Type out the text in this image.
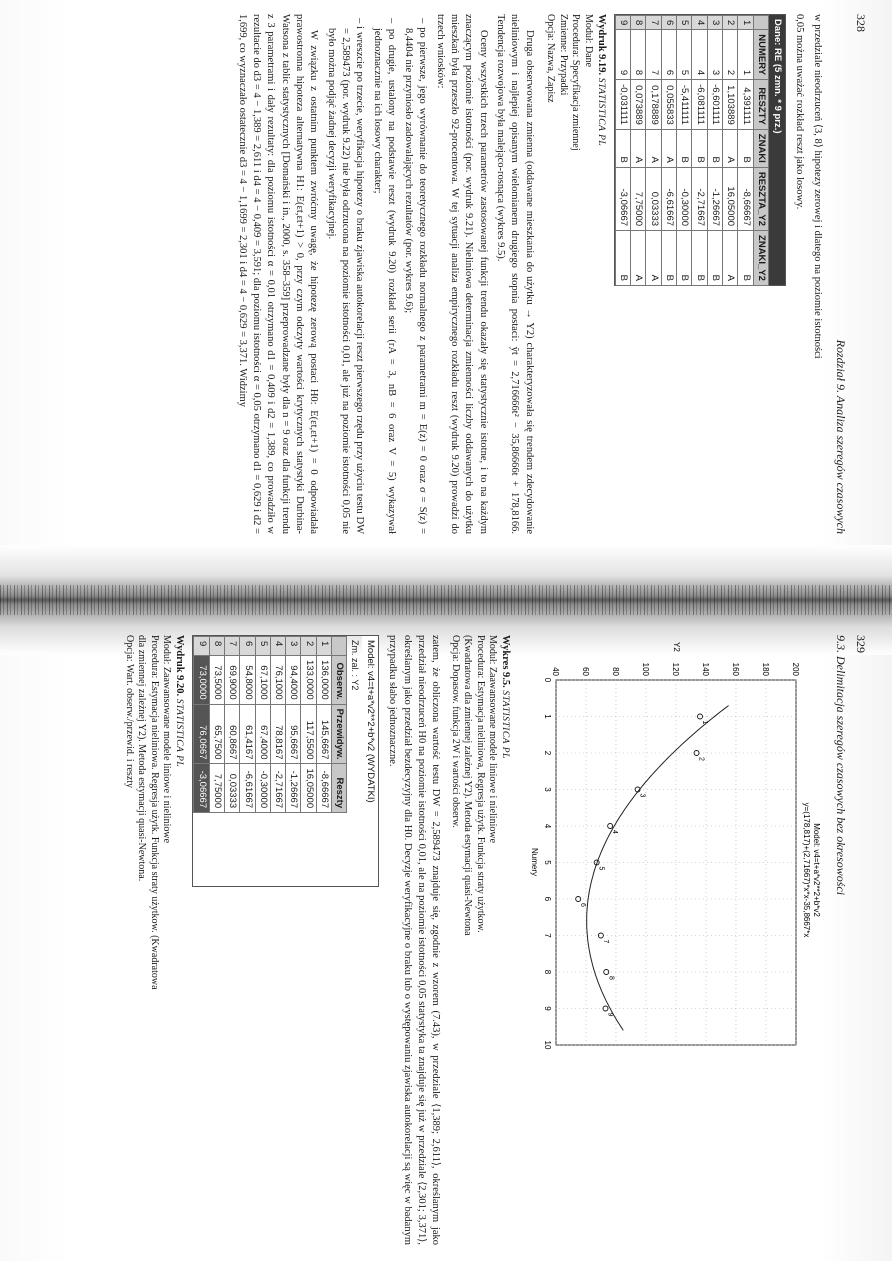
Rozdział 9. Analiza szeregów czasowych

w przedziale nieodrzuceń ⟨3, 8⟩ hipotezy zerowej i dlatego na poziomie istotności

0,05 można uważać rozkład reszt jako losowy.

Dane: RE (5 zmn. * 9 prz.)
	NUMERY	RESZTY	ZNAKI	RESZTA_Y2	ZNAKI_Y2
1	1	4,391111	B	-8,66667	B
2	2	1,103889	A	16,05000	A
3	3	-6,601111	B	-1,26667	B
4	4	-6,081111	B	-2,71667	B
5	5	-5,411111	B	-0,30000	B
6	6	0,055833	A	-6,61667	B
7	7	0,178889	A	0,03333	A
8	8	0,073889	A	7,75000	A
9	9	-0,031111	B	-3,06667	B
Wydruk 9.19. STATISTICA PL
Moduł: Dane
Procedura: Specyfikacja zmiennej
Zmienne: Przypadki
Opcja: Nazwa, Zapisz

Druga obserwowana zmienna (oddawane mieszkania do użytku → Y2) charakteryzowała się trendem zdecydowanie nieliniowym i najlepiej opisanym wielomianem drugiego stopnia postaci: ŷt = 2,716666t² − 35,86666t + 178,8166. Tendencja rozwojowa była malejąco-rosnąca (wykres 9.5).

Oceny wszystkich trzech parametrów zastosowanej funkcji trendu okazały się statystycznie istotne, i to na każdym znaczącym poziomie istotności (por. wydruk 9.21). Nieliniowa determinacja zmienności liczby oddawanych do użytku mieszkań była przeszło 92-procentowa. W tej sytuacji analiza empirycznego rozkładu reszt (wydruk 9.20) prowadzi do trzech wniosków:

– po pierwsze, jego wyrównanie do teoretycznego rozkładu normalnego z parametrami m = E(z) = 0 oraz σ = S(z) = 8,4404 nie przyniosło zadowalających rezultatów (por. wykres 9.6);

– po drugie, ustalony na podstawie reszt (wydruk 9.20) rozkład serii (rA = 3, nB = 6 oraz V = 5) wykazywał jednoznacznie na ich losowy charakter;

– i wreszcie po trzecie, weryfikacja hipotezy o braku zjawiska autokorelacji reszt pierwszego rzędu przy użyciu testu DW = 2,589473 (por. wydruk 9.22) nie była odrzucona na poziomie istotności 0,01, ale już na poziomie istotności 0,05 nie było można podjąć żadnej decyzji weryfikacyjnej.

W związku z ostatnim punktem zwróćmy uwagę, że hipotezę zerową postaci H0: E(εt,εt+1) = 0 odpowiadała prawostronna hipoteza alternatywna H1: E(εt,εt+1) > 0, przy czym odczyty wartości krytycznych statystyki Durbina-Watsona z tablic statystycznych [Domański i in., 2000, s. 358–359] przeprowadzane były dla n = 9 oraz dla funkcji trendu z 3 parametrami i dały rezultaty: dla poziomu istotności α = 0,01 otrzymano d1 = 0,409 i d2 = 1,389, co prowadziło w rezultacie do d3 = 4 − 1,389 = 2,611 i d4 = 4 − 0,409 = 3,591; dla poziomu istotności α = 0,05 otrzymano d1 = 0,629 i d2 = 1,699, co wyznaczało ostatecznie d3 = 4 − 1,1699 = 2,301 i d4 = 4 − 0,629 = 3,371. Widzimy	328
9.3. Delimitacja szeregów czasowych bez okresowości
Model: v4=t+a*v2**2+b*v2
y=(178,817)+(2,71667)*x*x-35,8667*x
0
1
2
3
4
5
6
7
8
9
10
40	60	80	100	120	140	160	180	200
1
2
3
4
5
6
7
8
9
Numery
Y2
Wykres 9.5. STATISTICA PL
Moduł: Zaawansowane modele liniowe i nieliniowe
Procedura: Estymacja nieliniowa, Regresja użytk. Funkcja straty użytkow.
(Kwadratowa dla zmiennej zależnej Y2). Metoda estymacji quasi-Newtona
Opcja: Dopasow. funkcja 2W i wartości obserw.

zatem, że obliczona wartość testu DW = 2,589473 znajduje się, zgodnie z wzorem (7.43), w przedziale ⟨1,389; 2,611⟩, określanym jako przedział nieodrzuceń H0 na poziomie istotności 0,01, ale na poziomie istotności 0,05 statystyka ta znajduje się już w przedziale ⟨2,301; 3,371⟩, określanym jako przedział bezdecyzyjny dla H0. Decyzje weryfikacyjne o braku lub o występowaniu zjawiska autokorelacji są więc w badanym przypadku słabo jednoznaczne.

Model: v4=t+a*v2**2+b*v2 (WYDATKI)
Zm. zal. : Y2
	Obserw.	Przewidyw.	Reszty
1	136,0000	145,6667	-8,66667
2	133,0000	117,5500	16,05000
3	94,4000	95,6667	-1,26667
4	76,1000	78,8167	-2,71667
5	67,1000	67,4000	-0,30000
6	54,8000	61,4167	-6,61667
7	69,9000	60,8667	0,03333
8	73,5000	65,7500	7,75000
9	73,0000	76,0667	-3,06667
Wydruk 9.20. STATISTICA PL
Moduł: Zaawansowane modele liniowe i nieliniowe
Procedura: Estymacja nieliniowa. Regresja użytk. Funkcja straty użytkow. (Kwadratowa
dla zmiennej zależnej Y2). Metoda estymacji quasi-Newtona.
Opcja: Wart. obserw./przewid. i reszty	329
